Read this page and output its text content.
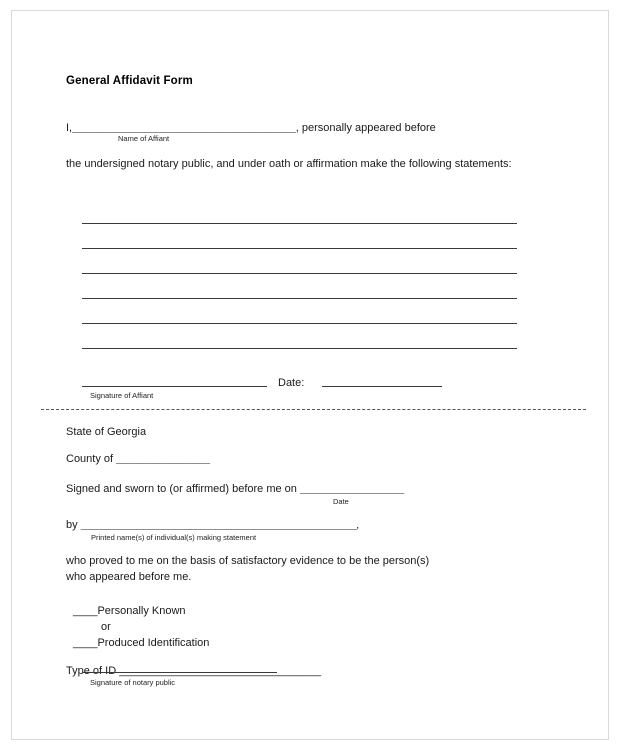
General Affidavit Form

I,___________________________________________, personally appeared before

Name of Affiant

the undersigned notary public, and under oath or affirmation make the following statements:

Date:
Signature of Affiant

State of Georgia

County of __________________

Signed and sworn to (or affirmed) before me on ____________________

Date

by _____________________________________________________,

Printed name(s) of individual(s) making statement

who proved to me on the basis of satisfactory evidence to be the person(s)

who appeared before me.

____Personally Known

or

____Produced Identification

Type of ID _________________________________

Signature of notary public
